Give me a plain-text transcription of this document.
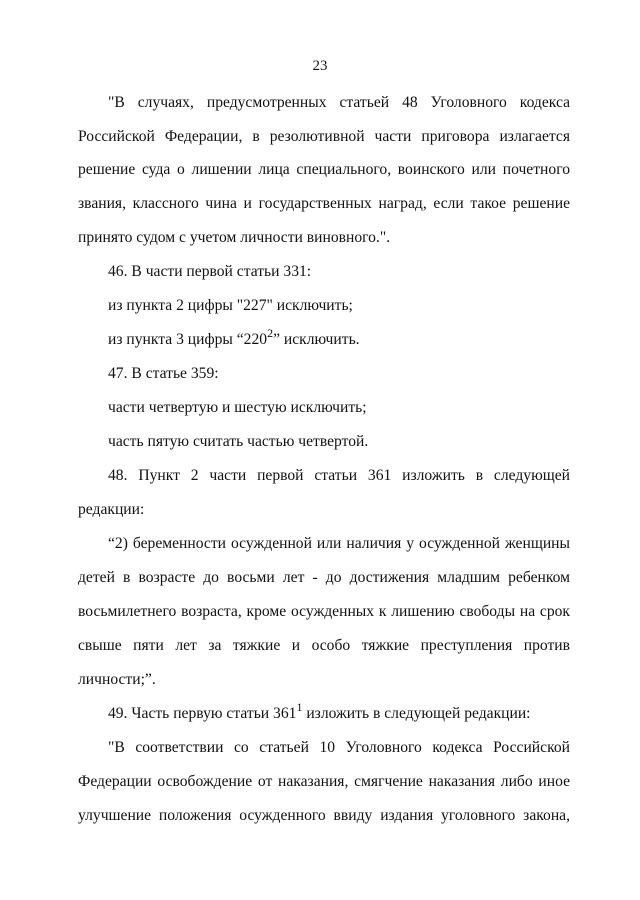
23
"В случаях, предусмотренных статьей 48 Уголовного кодекса
Российской Федерации, в резолютивной части приговора излагается
решение суда о лишении лица специального, воинского или почетного
звания, классного чина и государственных наград, если такое решение
принято судом с учетом личности виновного.".
46. В части первой статьи 331:
из пункта 2 цифры "227" исключить;
из пункта 3 цифры “$220^2$” исключить.
47. В статье 359:
части четвертую и шестую исключить;
часть пятую считать частью четвертой.
48. Пункт 2 части первой статьи 361 изложить в следующей
редакции:
“2) беременности осужденной или наличия у осужденной женщины
детей в возрасте до восьми лет - до достижения младшим ребенком
восьмилетнего возраста, кроме осужденных к лишению свободы на срок
свыше пяти лет за тяжкие и особо тяжкие преступления против
личности;”.
49. Часть первую статьи $361^1$ изложить в следующей редакции:
"В соответствии со статьей 10 Уголовного кодекса Российской
Федерации освобождение от наказания, смягчение наказания либо иное
улучшение положения осужденного ввиду издания уголовного закона,
